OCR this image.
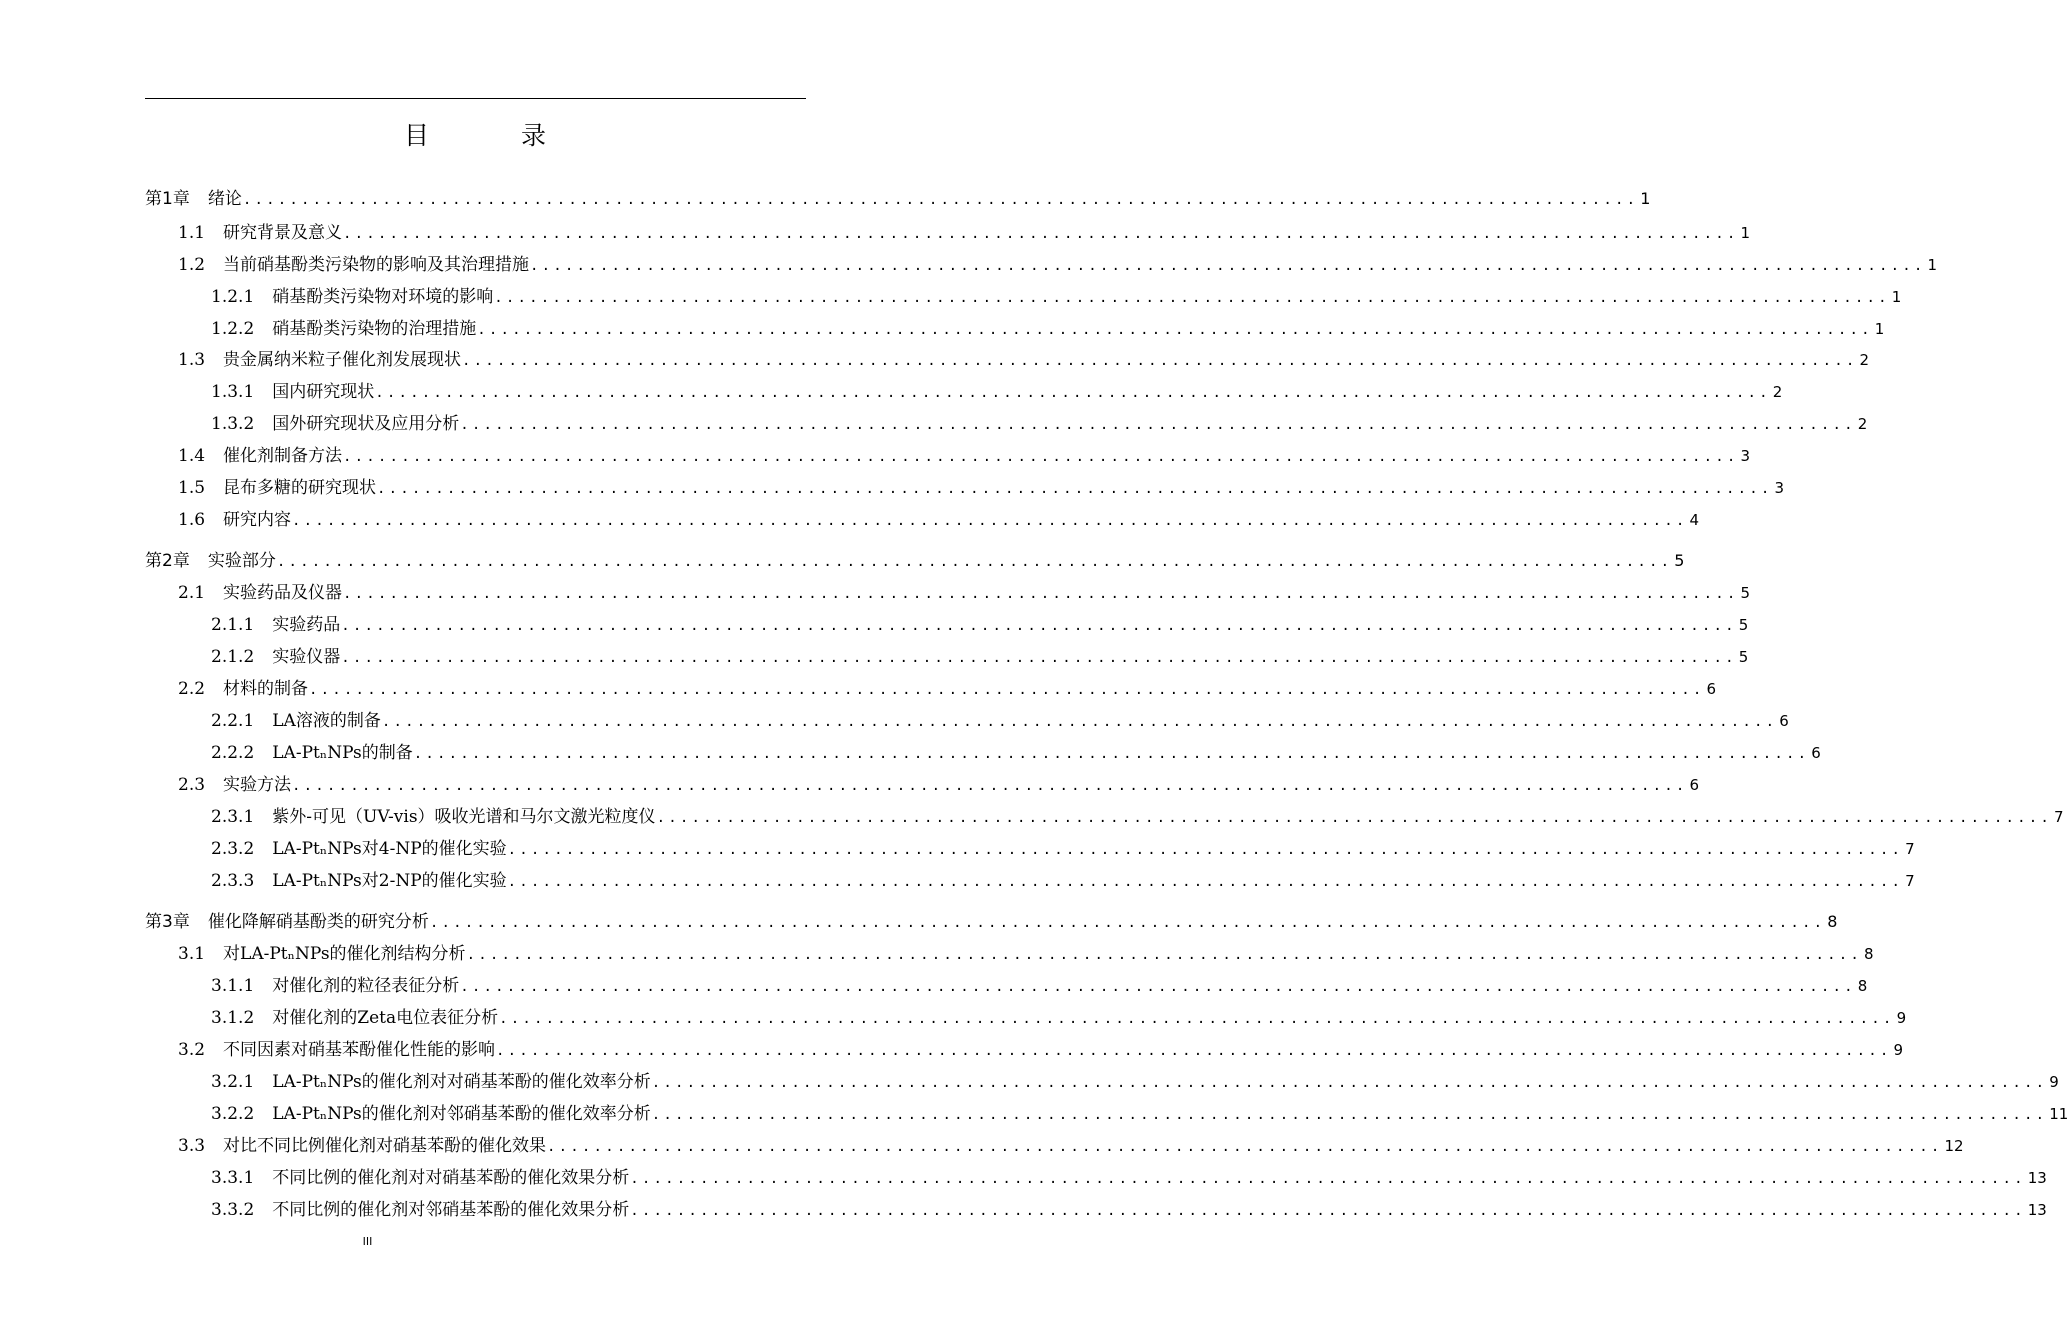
目 录
第1章 绪论 ........................................................................................................................ 1
1.1 研究背景及意义 ........................................................................................................................ 1
1.2 当前硝基酚类污染物的影响及其治理措施 ........................................................................................................................ 1
1.2.1 硝基酚类污染物对环境的影响 ........................................................................................................................ 1
1.2.2 硝基酚类污染物的治理措施 ........................................................................................................................ 1
1.3 贵金属纳米粒子催化剂发展现状 ........................................................................................................................ 2
1.3.1 国内研究现状 ........................................................................................................................ 2
1.3.2 国外研究现状及应用分析 ........................................................................................................................ 2
1.4 催化剂制备方法 ........................................................................................................................ 3
1.5 昆布多糖的研究现状 ........................................................................................................................ 3
1.6 研究内容 ........................................................................................................................ 4
第2章 实验部分 ........................................................................................................................ 5
2.1 实验药品及仪器 ........................................................................................................................ 5
2.1.1 实验药品 ........................................................................................................................ 5
2.1.2 实验仪器 ........................................................................................................................ 5
2.2 材料的制备 ........................................................................................................................ 6
2.2.1 LA溶液的制备 ........................................................................................................................ 6
2.2.2 LA-PtₙNPs的制备 ........................................................................................................................ 6
2.3 实验方法 ........................................................................................................................ 6
2.3.1 紫外-可见（UV-vis）吸收光谱和马尔文激光粒度仪 ........................................................................................................................ 7
2.3.2 LA-PtₙNPs对4-NP的催化实验 ........................................................................................................................ 7
2.3.3 LA-PtₙNPs对2-NP的催化实验 ........................................................................................................................ 7
第3章 催化降解硝基酚类的研究分析 ........................................................................................................................ 8
3.1 对LA-PtₙNPs的催化剂结构分析 ........................................................................................................................ 8
3.1.1 对催化剂的粒径表征分析 ........................................................................................................................ 8
3.1.2 对催化剂的Zeta电位表征分析 ........................................................................................................................ 9
3.2 不同因素对硝基苯酚催化性能的影响 ........................................................................................................................ 9
3.2.1 LA-PtₙNPs的催化剂对对硝基苯酚的催化效率分析 ........................................................................................................................ 9
3.2.2 LA-PtₙNPs的催化剂对邻硝基苯酚的催化效率分析 ........................................................................................................................ 11
3.3 对比不同比例催化剂对硝基苯酚的催化效果 ........................................................................................................................ 12
3.3.1 不同比例的催化剂对对硝基苯酚的催化效果分析 ........................................................................................................................ 13
3.3.2 不同比例的催化剂对邻硝基苯酚的催化效果分析 ........................................................................................................................ 13
III
